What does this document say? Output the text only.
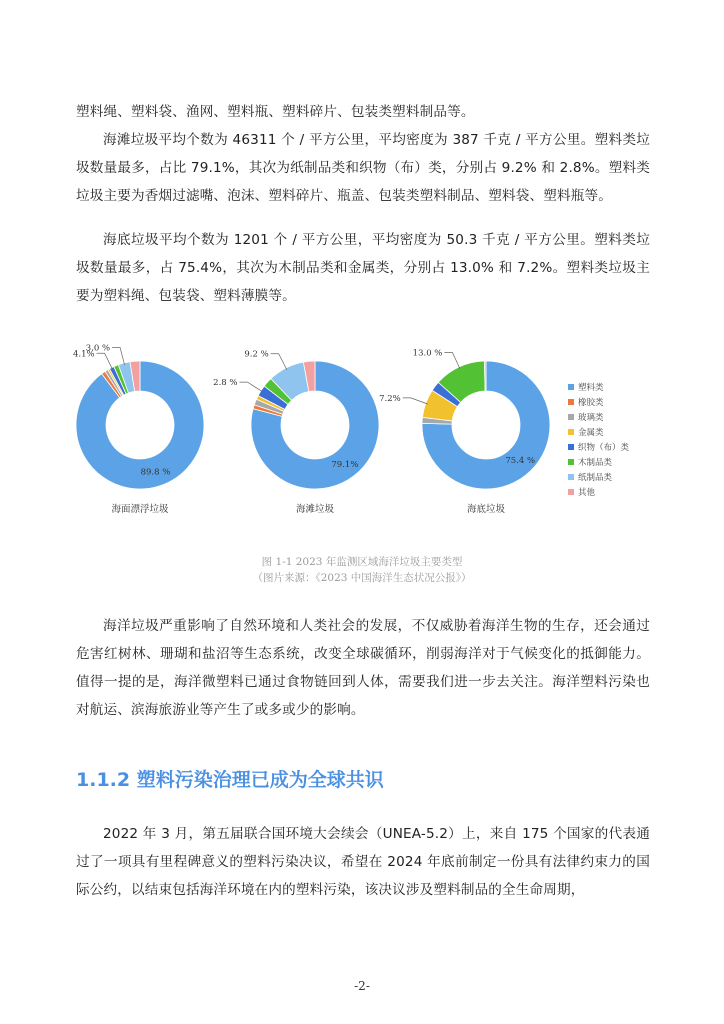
塑料绳、塑料袋、渔网、塑料瓶、塑料碎片、包装类塑料制品等。

海滩垃圾平均个数为 46311 个 / 平方公里，平均密度为 387 千克 / 平方公里。塑料类垃圾数量最多，占比 79.1%，其次为纸制品类和织物（布）类，分别占 9.2% 和 2.8%。塑料类垃圾主要为香烟过滤嘴、泡沫、塑料碎片、瓶盖、包装类塑料制品、塑料袋、塑料瓶等。

海底垃圾平均个数为 1201 个 / 平方公里，平均密度为 50.3 千克 / 平方公里。塑料类垃圾数量最多，占 75.4%，其次为木制品类和金属类，分别占 13.0% 和 7.2%。塑料类垃圾主要为塑料绳、包装袋、塑料薄膜等。

89.8 %
4.1%
3.0 %
海面漂浮垃圾
79.1%
2.8 %
9.2 %
海滩垃圾
75.4 %
7.2%
13.0 %
海底垃圾
塑料类
橡胶类
玻璃类
金属类
织物（布）类
木制品类
纸制品类
其他
图 1-1 2023 年监测区域海洋垃圾主要类型
（图片来源：《2023 中国海洋生态状况公报》）

海洋垃圾严重影响了自然环境和人类社会的发展，不仅威胁着海洋生物的生存，还会通过危害红树林、珊瑚和盐沼等生态系统，改变全球碳循环，削弱海洋对于气候变化的抵御能力。值得一提的是，海洋微塑料已通过食物链回到人体，需要我们进一步去关注。海洋塑料污染也对航运、滨海旅游业等产生了或多或少的影响。

1.1.2 塑料污染治理已成为全球共识

2022 年 3 月，第五届联合国环境大会续会（UNEA-5.2）上，来自 175 个国家的代表通过了一项具有里程碑意义的塑料污染决议，希望在 2024 年底前制定一份具有法律约束力的国际公约，以结束包括海洋环境在内的塑料污染，该决议涉及塑料制品的全生命周期，

-2-
